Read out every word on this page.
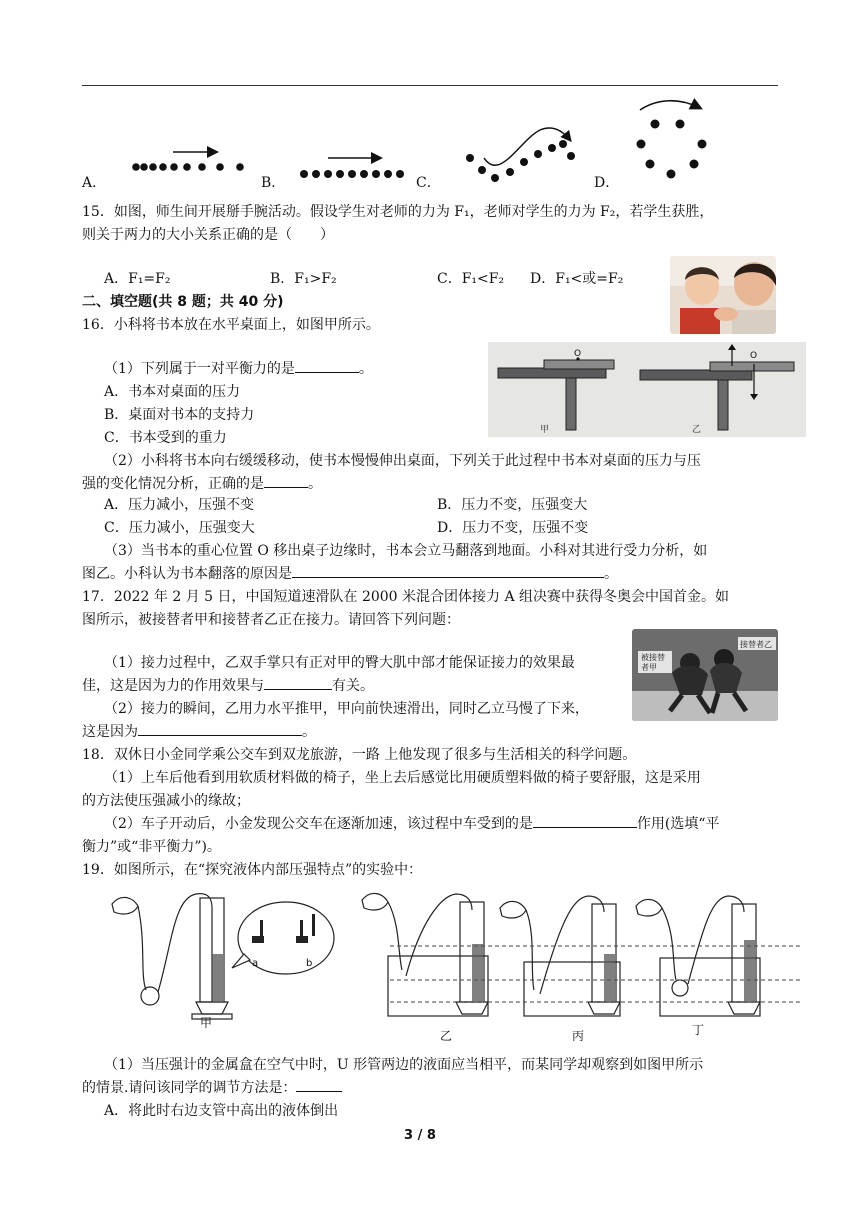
A．	B．	C．	D．
15．如图，师生间开展掰手腕活动。假设学生对老师的力为 F₁，老师对学生的力为 F₂，若学生获胜，
则关于两力的大小关系正确的是（　　）
A．F₁=F₂	B．F₁>F₂	C．F₁<F₂ D．F₁<或=F₂
二、填空题(共 8 题；共 40 分)
16．小科将书本放在水平桌面上，如图甲所示。
（1）下列属于一对平衡力的是	。
A．书本对桌面的压力
B．桌面对书本的支持力
C．书本受到的重力
O
甲
O
乙
（2）小科将书本向右缓缓移动，使书本慢慢伸出桌面，下列关于此过程中书本对桌面的压力与压
强的变化情况分析，正确的是	。
A．压力减小，压强不变	B．压力不变，压强变大
C．压力减小，压强变大	D．压力不变，压强不变
（3）当书本的重心位置 O 移出桌子边缘时，书本会立马翻落到地面。小科对其进行受力分析，如
图乙。小科认为书本翻落的原因是	。
17．2022 年 2 月 5 日，中国短道速滑队在 2000 米混合团体接力 A 组决赛中获得冬奥会中国首金。如
图所示，被接替者甲和接替者乙正在接力。请回答下列问题：
（1）接力过程中，乙双手掌只有正对甲的臀大肌中部才能保证接力的效果最
佳，这是因为力的作用效果与	有关。
（2）接力的瞬间，乙用力水平推甲，甲向前快速滑出，同时乙立马慢了下来，
这是因为	。
被接替
者甲
接替者乙
18．双休日小金同学乘公交车到双龙旅游，一路 上他发现了很多与生活相关的科学问题。
（1）上车后他看到用软质材料做的椅子，坐上去后感觉比用硬质塑料做的椅子要舒服，这是采用
的方法使压强减小的缘故；
（2）车子开动后，小金发现公交车在逐渐加速，该过程中车受到的是	作用(选填“平
衡力”或“非平衡力”)。
19．如图所示，在“探究液体内部压强特点”的实验中：
a	b
甲
乙	丙	丁
（1）当压强计的金属盒在空气中时，U 形管两边的液面应当相平，而某同学却观察到如图甲所示
的情景.请问该同学的调节方法是：
A．将此时右边支管中高出的液体倒出
3 / 8
